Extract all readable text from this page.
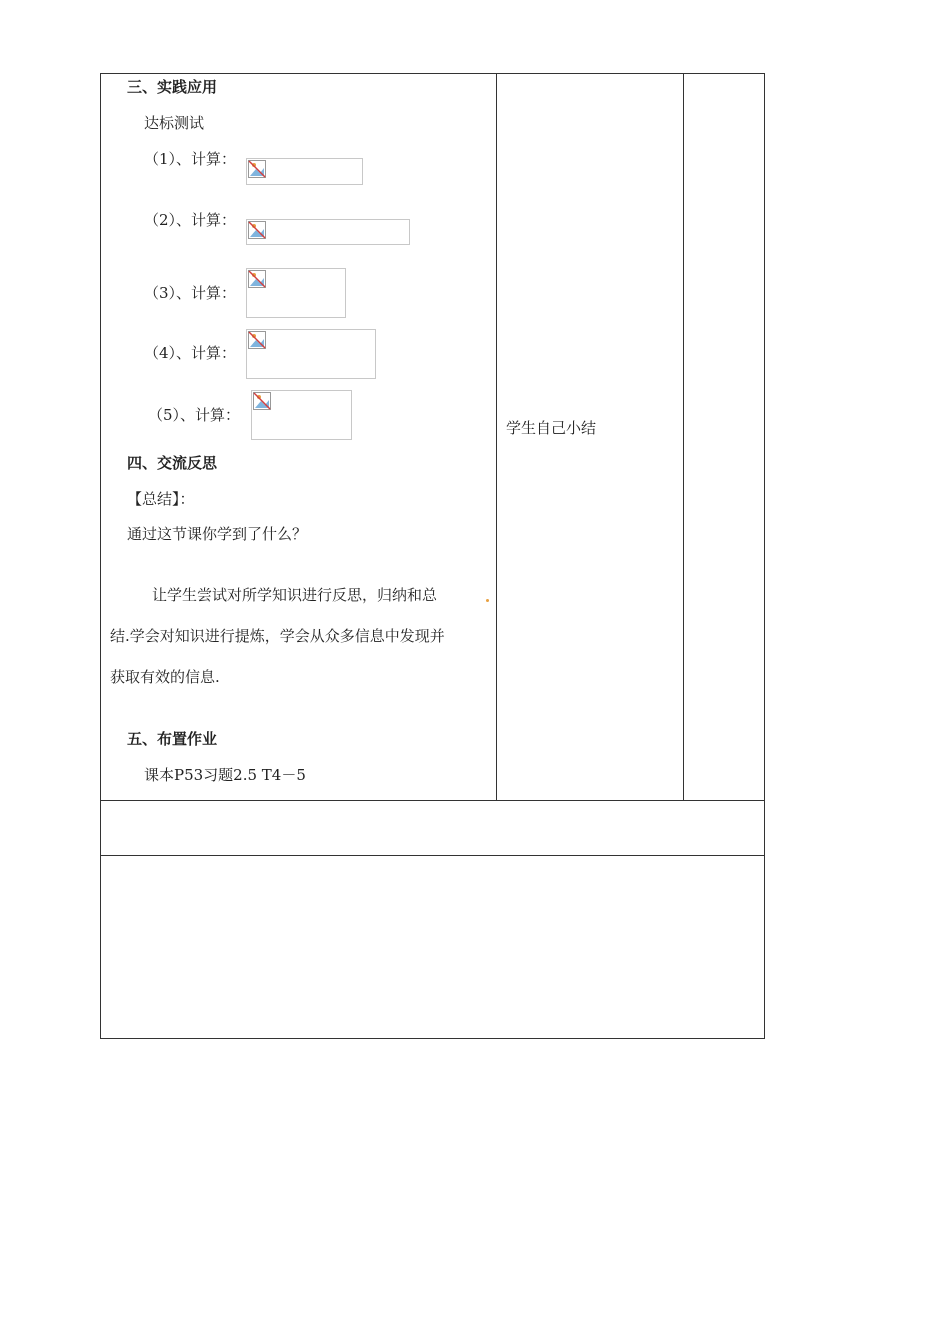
三、实践应用
达标测试
（1）、计算：
（2）、计算：
（3）、计算：
（4）、计算：
（5）、计算：
四、交流反思
【总结】：
通过这节课你学到了什么？
让学生尝试对所学知识进行反思，归纳和总
结.学会对知识进行提炼，学会从众多信息中发现并
获取有效的信息.
五、布置作业
课本P53习题2.5 T4－5
学生自己小结
